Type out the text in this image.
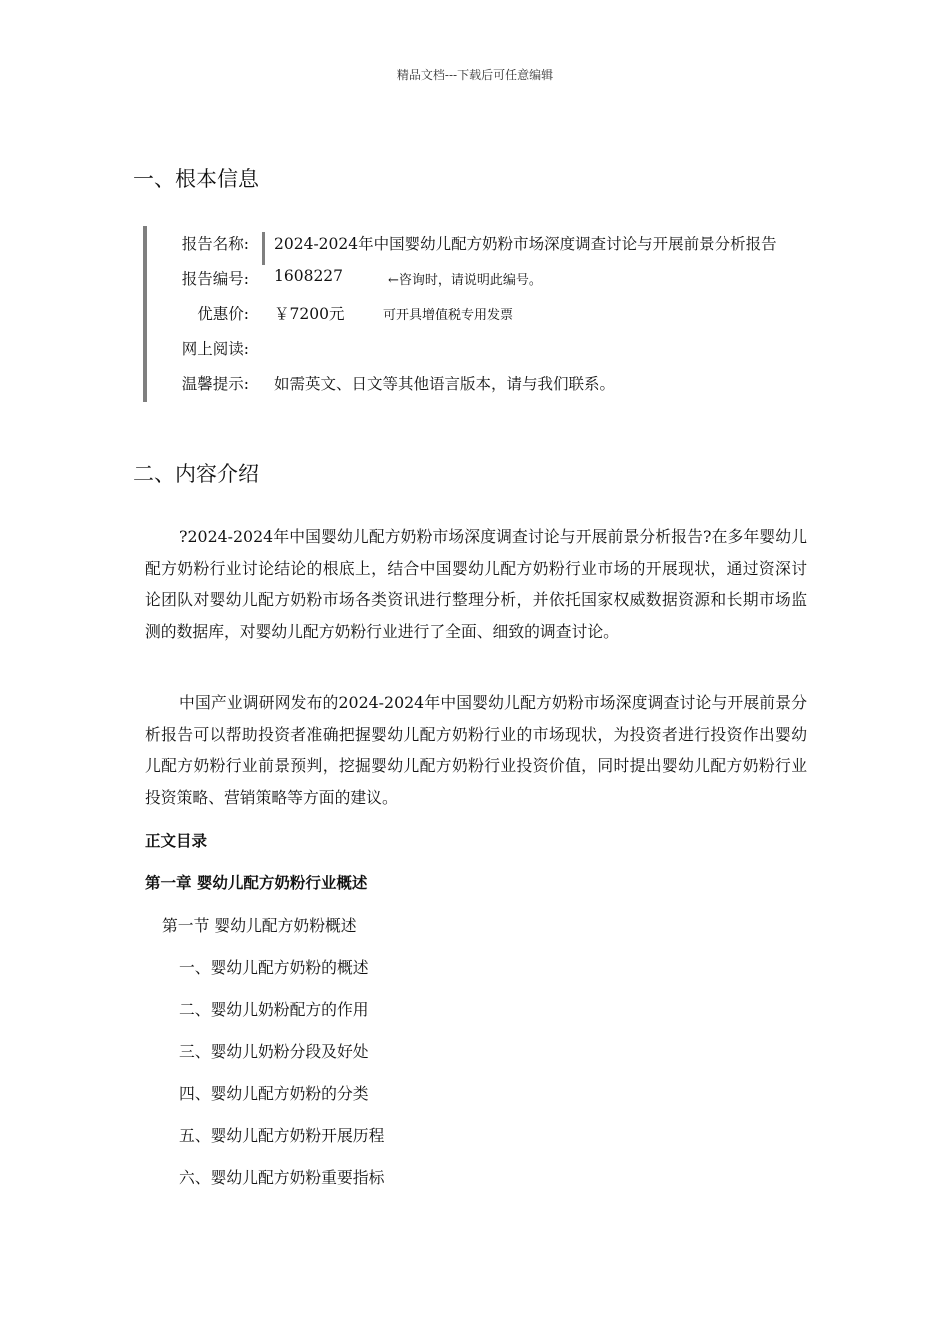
精品文档---下载后可任意编辑
一、根本信息
报告名称: 2024-2024年中国婴幼儿配方奶粉市场深度调查讨论与开展前景分析报告
报告编号: 1608227	←咨询时，请说明此编号。
优惠价: ￥7200元	可开具增值税专用发票
网上阅读:
温馨提示: 如需英文、日文等其他语言版本，请与我们联系。
二、内容介绍

?2024-2024年中国婴幼儿配方奶粉市场深度调查讨论与开展前景分析报告?在多年婴幼儿配方奶粉行业讨论结论的根底上，结合中国婴幼儿配方奶粉行业市场的开展现状，通过资深讨论团队对婴幼儿配方奶粉市场各类资讯进行整理分析，并依托国家权威数据资源和长期市场监测的数据库，对婴幼儿配方奶粉行业进行了全面、细致的调查讨论。

中国产业调研网发布的2024-2024年中国婴幼儿配方奶粉市场深度调查讨论与开展前景分析报告可以帮助投资者准确把握婴幼儿配方奶粉行业的市场现状，为投资者进行投资作出婴幼儿配方奶粉行业前景预判，挖掘婴幼儿配方奶粉行业投资价值，同时提出婴幼儿配方奶粉行业投资策略、营销策略等方面的建议。

正文目录
第一章 婴幼儿配方奶粉行业概述
第一节 婴幼儿配方奶粉概述
一、婴幼儿配方奶粉的概述
二、婴幼儿奶粉配方的作用
三、婴幼儿奶粉分段及好处
四、婴幼儿配方奶粉的分类
五、婴幼儿配方奶粉开展历程
六、婴幼儿配方奶粉重要指标
